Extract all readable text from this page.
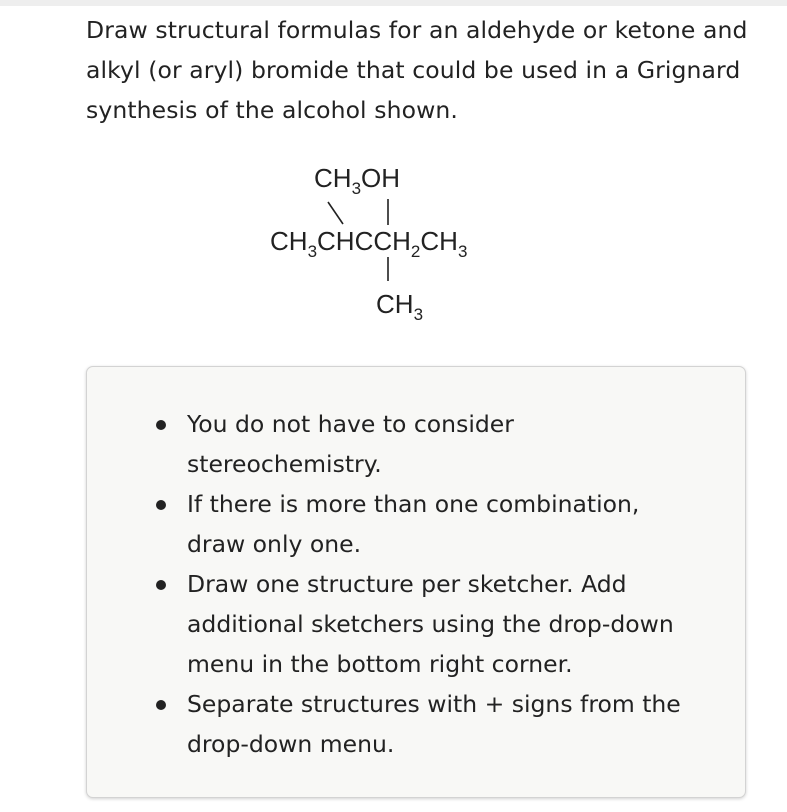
Draw structural formulas for an aldehyde or ketone and alkyl (or aryl) bromide that could be used in a Grignard synthesis of the alcohol shown.

$CH_3OH$
$CH_3CHCCH_2CH_3$
$CH_3$
You do not have to consider stereochemistry.
If there is more than one combination, draw only one.
Draw one structure per sketcher. Add additional sketchers using the drop-down menu in the bottom right corner.
Separate structures with + signs from the drop-down menu.
